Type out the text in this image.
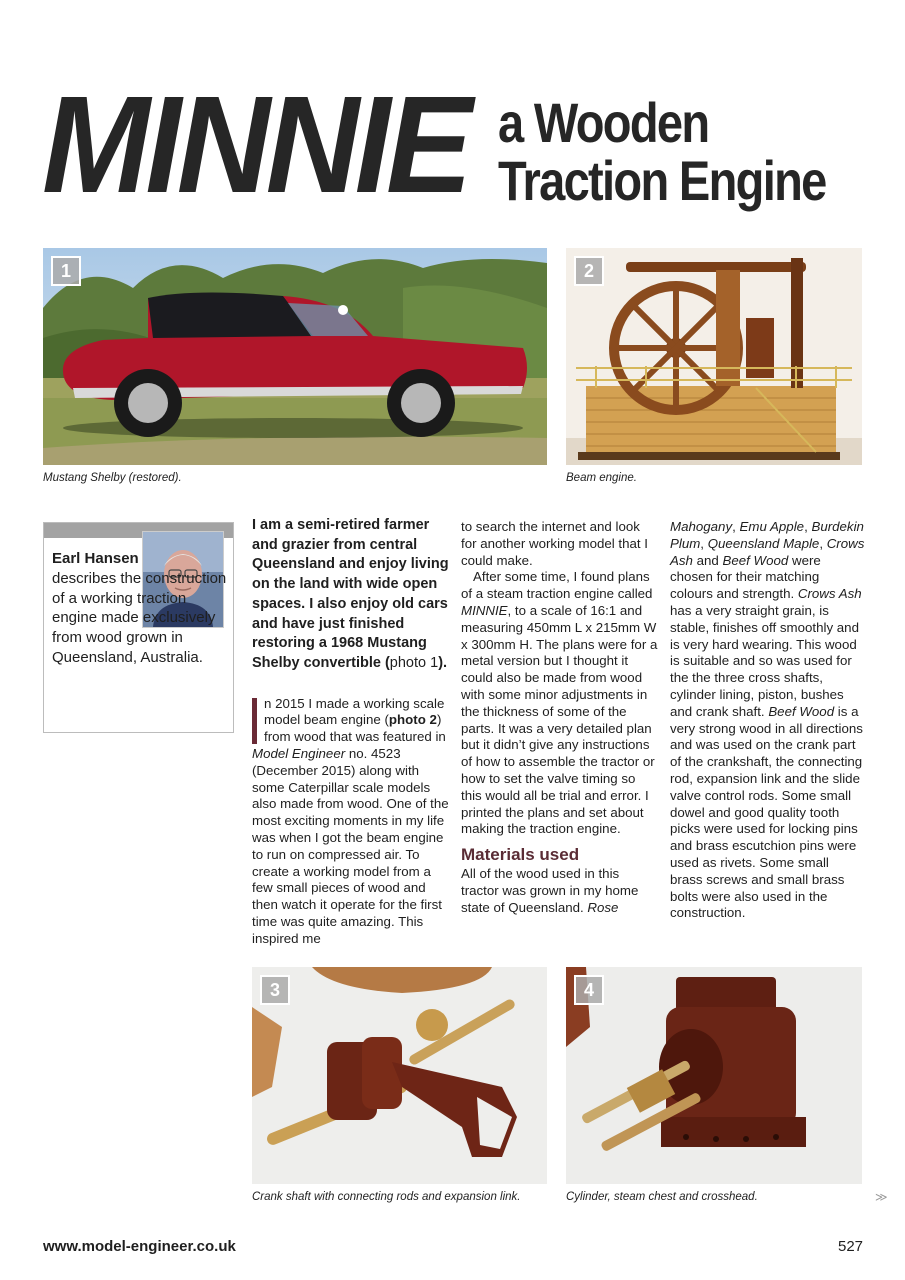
MINNIE a Wooden
Traction Engine
1
Mustang Shelby (restored).
2
Beam engine.

Earl Hansen
describes the construction of a working traction engine made exclusively from wood grown in Queensland, Australia.

I am a semi-retired farmer and grazier from central Queensland and enjoy living on the land with wide open spaces. I also enjoy old cars and have just finished restoring a 1968 Mustang Shelby convertible (photo 1).

n 2015 I made a working scale model beam engine (photo 2) from wood that was featured in Model Engineer no. 4523 (December 2015) along with some Caterpillar scale models also made from wood. One of the most exciting moments in my life was when I got the beam engine to run on compressed air. To create a working model from a few small pieces of wood and then watch it operate for the first time was quite amazing. This inspired me

to search the internet and look for another working model that I could make.

After some time, I found plans of a steam traction engine called MINNIE, to a scale of 16:1 and measuring 450mm L x 215mm W x 300mm H. The plans were for a metal version but I thought it could also be made from wood with some minor adjustments in the thickness of some of the parts. It was a very detailed plan but it didn’t give any instructions of how to assemble the tractor or how to set the valve timing so this would all be trial and error. I printed the plans and set about making the traction engine.

Materials used

All of the wood used in this tractor was grown in my home state of Queensland. Rose

Mahogany, Emu Apple, Burdekin Plum, Queensland Maple, Crows Ash and Beef Wood were chosen for their matching colours and strength. Crows Ash has a very straight grain, is stable, finishes off smoothly and is very hard wearing. This wood is suitable and so was used for the the three cross shafts, cylinder lining, piston, bushes and crank shaft. Beef Wood is a very strong wood in all directions and was used on the crank part of the crankshaft, the connecting rod, expansion link and the slide valve control rods. Some small dowel and good quality tooth picks were used for locking pins and brass escutchion pins were used as rivets. Some small brass screws and small brass bolts were also used in the construction.

3
Crank shaft with connecting rods and expansion link.
4
Cylinder, steam chest and crosshead.	≫
www.model-engineer.co.uk	527
